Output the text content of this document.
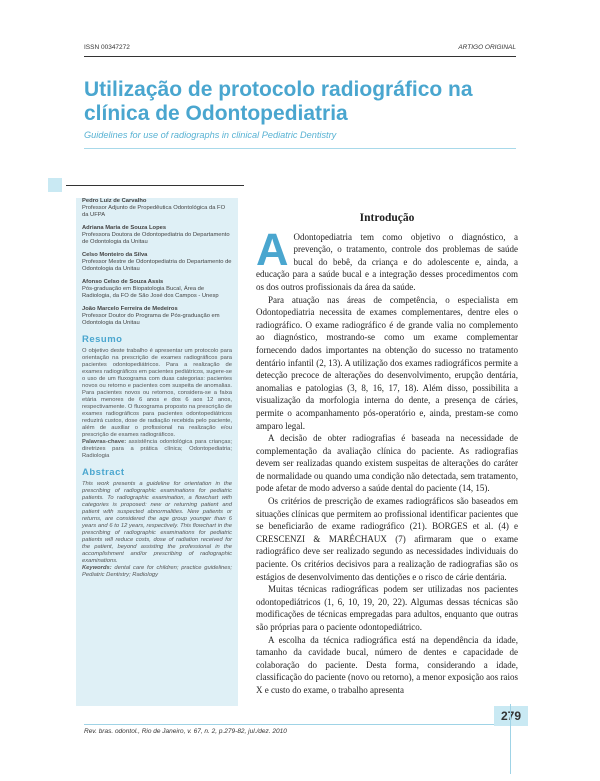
ISSN 00347272	ARTIGO ORIGINAL
Utilização de protocolo radiográfico na clínica de Odontopediatria
Guidelines for use of radiographs in clinical Pediatric Dentistry
Pedro Luiz de Carvalho
Professor Adjunto de Propedêutica Odontológica da FO da UFPA
Adriana Maria de Souza Lopes
Professora Doutora de Odontopediatria do Departamento de Odontologia da Unitau
Celso Monteiro da Silva
Professor Mestre de Odontopediatria do Departamento de Odontologia da Unitau
Afonso Celso de Souza Assis
Pós-graduação em Biopatologia Bucal, Área de Radiologia, da FO de São José dos Campos - Unesp
João Marcelo Ferreira de Medeiros
Professor Doutor do Programa de Pós-graduação em Odontologia da Unitau
Resumo
O objetivo deste trabalho é apresentar um protocolo para orientação na prescrição de exames radiográficos para pacientes odontopediátricos. Para a realização de exames radiográficos em pacientes pediátricos, sugere-se o uso de um fluxograma com duas categorias: pacientes novos ou retorno e pacientes com suspeita de anomalias. Para pacientes novos ou retornos, considera-se a faixa etária menores de 6 anos e dos 6 aos 12 anos, respectivamente. O fluxograma proposto na prescrição de exames radiográficos para pacientes odontopediátricos reduzirá custos, dose de radiação recebida pelo paciente, além de auxiliar o profissional na realização e/ou prescrição de exames radiográficos.
Palavras-chave: assistência odontológica para crianças; diretrizes para a prática clínica; Odontopediatria; Radiologia
Abstract
This work presents a guideline for orientation in the prescribing of radiographic examinations for pediatric patients. To radiographic examination, a flowchart with categories is proposed: new or returning patient and patient with suspected abnormalities. New patients or returns, are considered the age group younger than 6 years and 6 to 12 years, respectively. This flowchart in the prescribing of radiographic examinations for pediatric patients will reduce costs, dose of radiation received for the patient, beyond assisting the professional in the accomplishment and/or prescribing of radiographic examinations.
Keywords: dental care for children; practice guidelines; Pediatric Dentistry; Radiology
Introdução

A Odontopediatria tem como objetivo o diagnóstico, a prevenção, o tratamento, controle dos problemas de saúde bucal do bebê, da criança e do adolescente e, ainda, a educação para a saúde bucal e a integração desses procedimentos com os dos outros profissionais da área da saúde.

Para atuação nas áreas de competência, o especialista em Odontopediatria necessita de exames complementares, dentre eles o radiográfico. O exame radiográfico é de grande valia no complemento ao diagnóstico, mostrando-se como um exame complementar fornecendo dados importantes na obtenção do sucesso no tratamento dentário infantil (2, 13). A utilização dos exames radiográficos permite a detecção precoce de alterações do desenvolvimento, erupção dentária, anomalias e patologias (3, 8, 16, 17, 18). Além disso, possibilita a visualização da morfologia interna do dente, a presença de cáries, permite o acompanhamento pós-operatório e, ainda, prestam-se como amparo legal.

A decisão de obter radiografias é baseada na necessidade de complementação da avaliação clínica do paciente. As radiografias devem ser realizadas quando existem suspeitas de alterações do caráter de normalidade ou quando uma condição não detectada, sem tratamento, pode afetar de modo adverso a saúde dental do paciente (14, 15).

Os critérios de prescrição de exames radiográficos são baseados em situações clínicas que permitem ao profissional identificar pacientes que se beneficiarão de exame radiográfico (21). BORGES et al. (4) e CRESCENZI & MARÉCHAUX (7) afirmaram que o exame radiográfico deve ser realizado segundo as necessidades individuais do paciente. Os critérios decisivos para a realização de radiografias são os estágios de desenvolvimento das dentições e o risco de cárie dentária.

Muitas técnicas radiográficas podem ser utilizadas nos pacientes odontopediátricos (1, 6, 10, 19, 20, 22). Algumas dessas técnicas são modificações de técnicas empregadas para adultos, enquanto que outras são próprias para o paciente odontopediátrico.

A escolha da técnica radiográfica está na dependência da idade, tamanho da cavidade bucal, número de dentes e capacidade de colaboração do paciente. Desta forma, considerando a idade, classificação do paciente (novo ou retorno), a menor exposição aos raios X e custo do exame, o trabalho apresenta

Rev. bras. odontol., Rio de Janeiro, v. 67, n. 2, p.279-82, jul./dez. 2010
279
